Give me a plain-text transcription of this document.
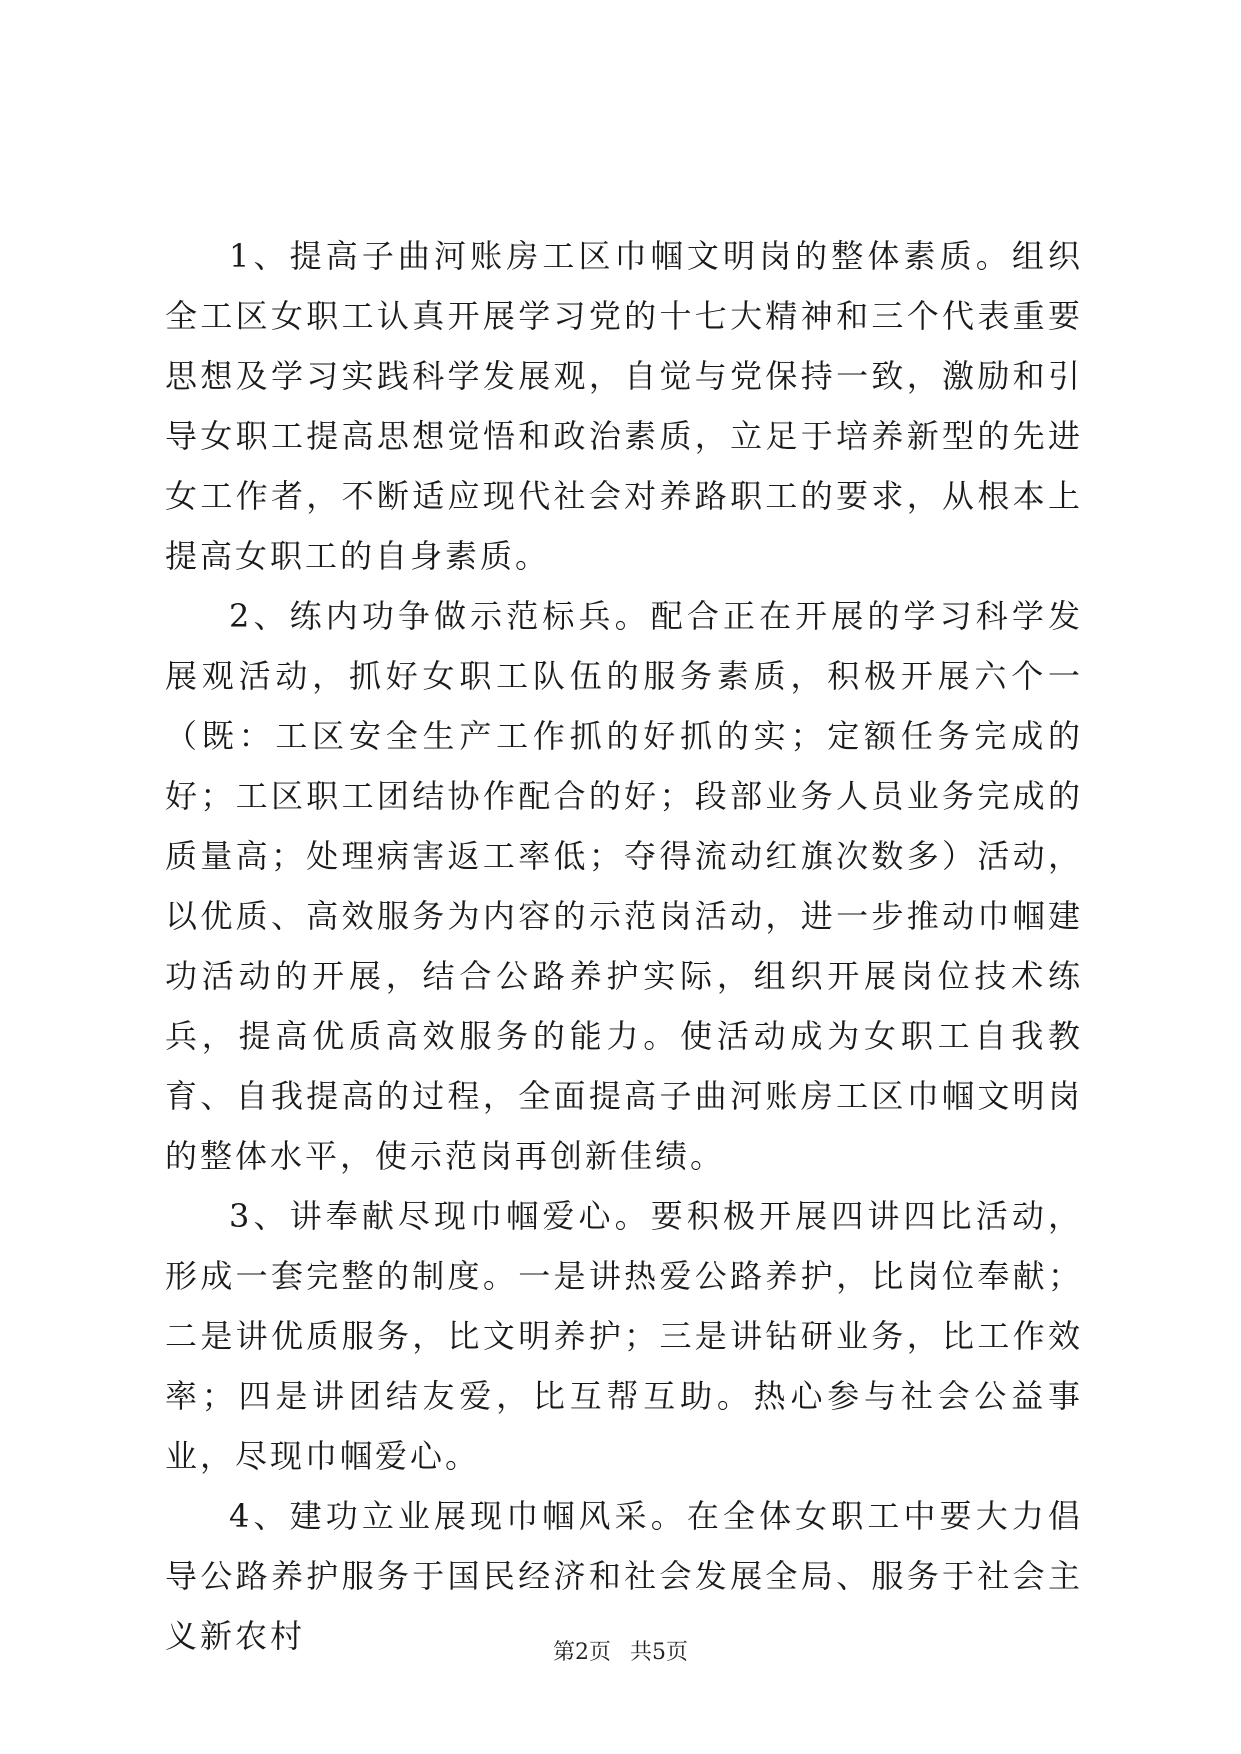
1、提高子曲河账房工区巾帼文明岗的整体素质。组织全工区女职工认真开展学习党的十七大精神和三个代表重要思想及学习实践科学发展观，自觉与党保持一致，激励和引导女职工提高思想觉悟和政治素质，立足于培养新型的先进女工作者，不断适应现代社会对养路职工的要求，从根本上提高女职工的自身素质。

2、练内功争做示范标兵。配合正在开展的学习科学发展观活动，抓好女职工队伍的服务素质，积极开展六个一（既：工区安全生产工作抓的好抓的实；定额任务完成的好；工区职工团结协作配合的好；段部业务人员业务完成的质量高；处理病害返工率低；夺得流动红旗次数多）活动，以优质、高效服务为内容的示范岗活动，进一步推动巾帼建功活动的开展，结合公路养护实际，组织开展岗位技术练兵，提高优质高效服务的能力。使活动成为女职工自我教育、自我提高的过程，全面提高子曲河账房工区巾帼文明岗的整体水平，使示范岗再创新佳绩。

3、讲奉献尽现巾帼爱心。要积极开展四讲四比活动，形成一套完整的制度。一是讲热爱公路养护，比岗位奉献；二是讲优质服务，比文明养护；三是讲钻研业务，比工作效率；四是讲团结友爱，比互帮互助。热心参与社会公益事业，尽现巾帼爱心。

4、建功立业展现巾帼风采。在全体女职工中要大力倡导公路养护服务于国民经济和社会发展全局、服务于社会主义新农村	第2页 共5页
